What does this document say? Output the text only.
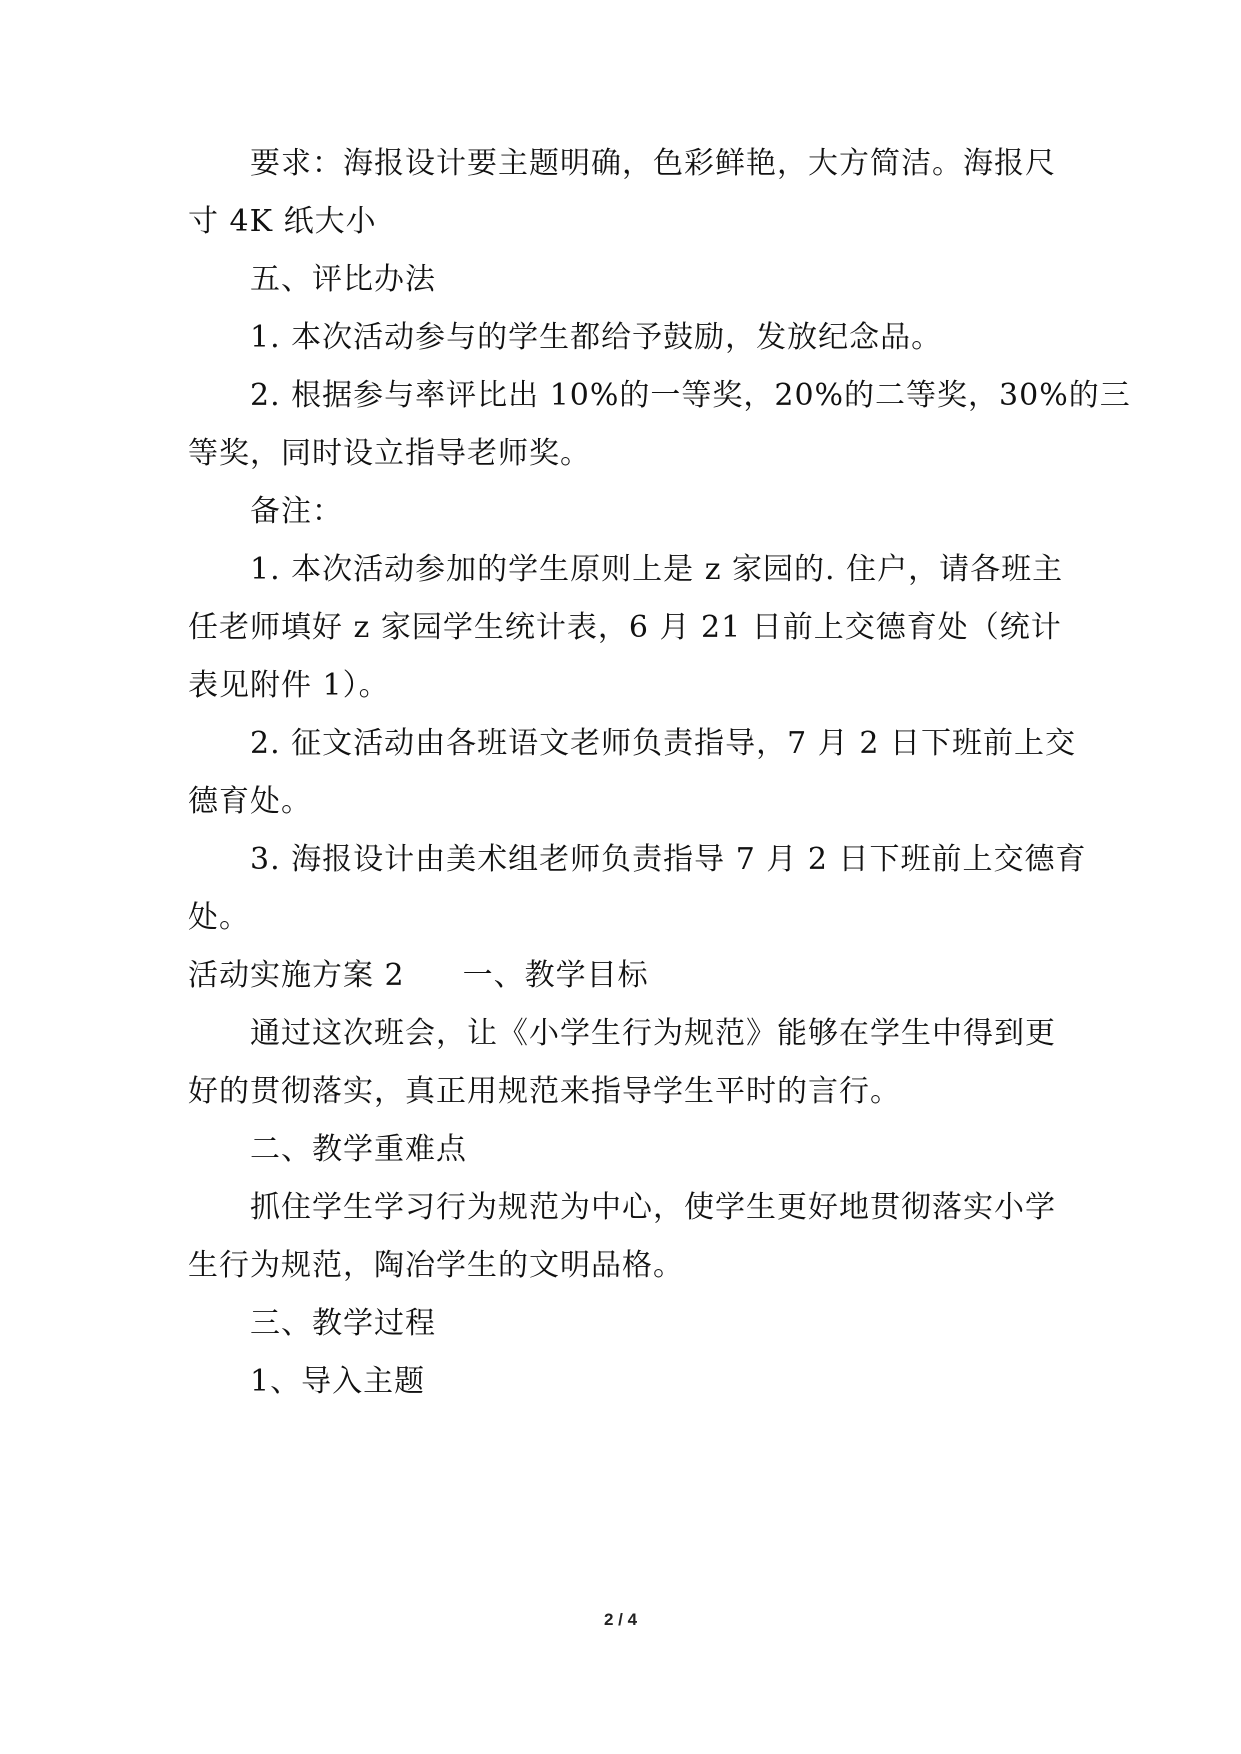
要求：海报设计要主题明确，色彩鲜艳，大方简洁。海报尺
寸 4K 纸大小
五、评比办法
1. 本次活动参与的学生都给予鼓励，发放纪念品。
2. 根据参与率评比出 10%的一等奖，20%的二等奖，30%的三
等奖，同时设立指导老师奖。
备注：
1. 本次活动参加的学生原则上是 z 家园的. 住户，请各班主
任老师填好 z 家园学生统计表，6 月 21 日前上交德育处（统计
表见附件 1）。
2. 征文活动由各班语文老师负责指导，7 月 2 日下班前上交
德育处。
3. 海报设计由美术组老师负责指导 7 月 2 日下班前上交德育
处。
活动实施方案 2 一、教学目标
通过这次班会，让《小学生行为规范》能够在学生中得到更
好的贯彻落实，真正用规范来指导学生平时的言行。
二、教学重难点
抓住学生学习行为规范为中心，使学生更好地贯彻落实小学
生行为规范，陶冶学生的文明品格。
三、教学过程
1、导入主题
2 / 4
